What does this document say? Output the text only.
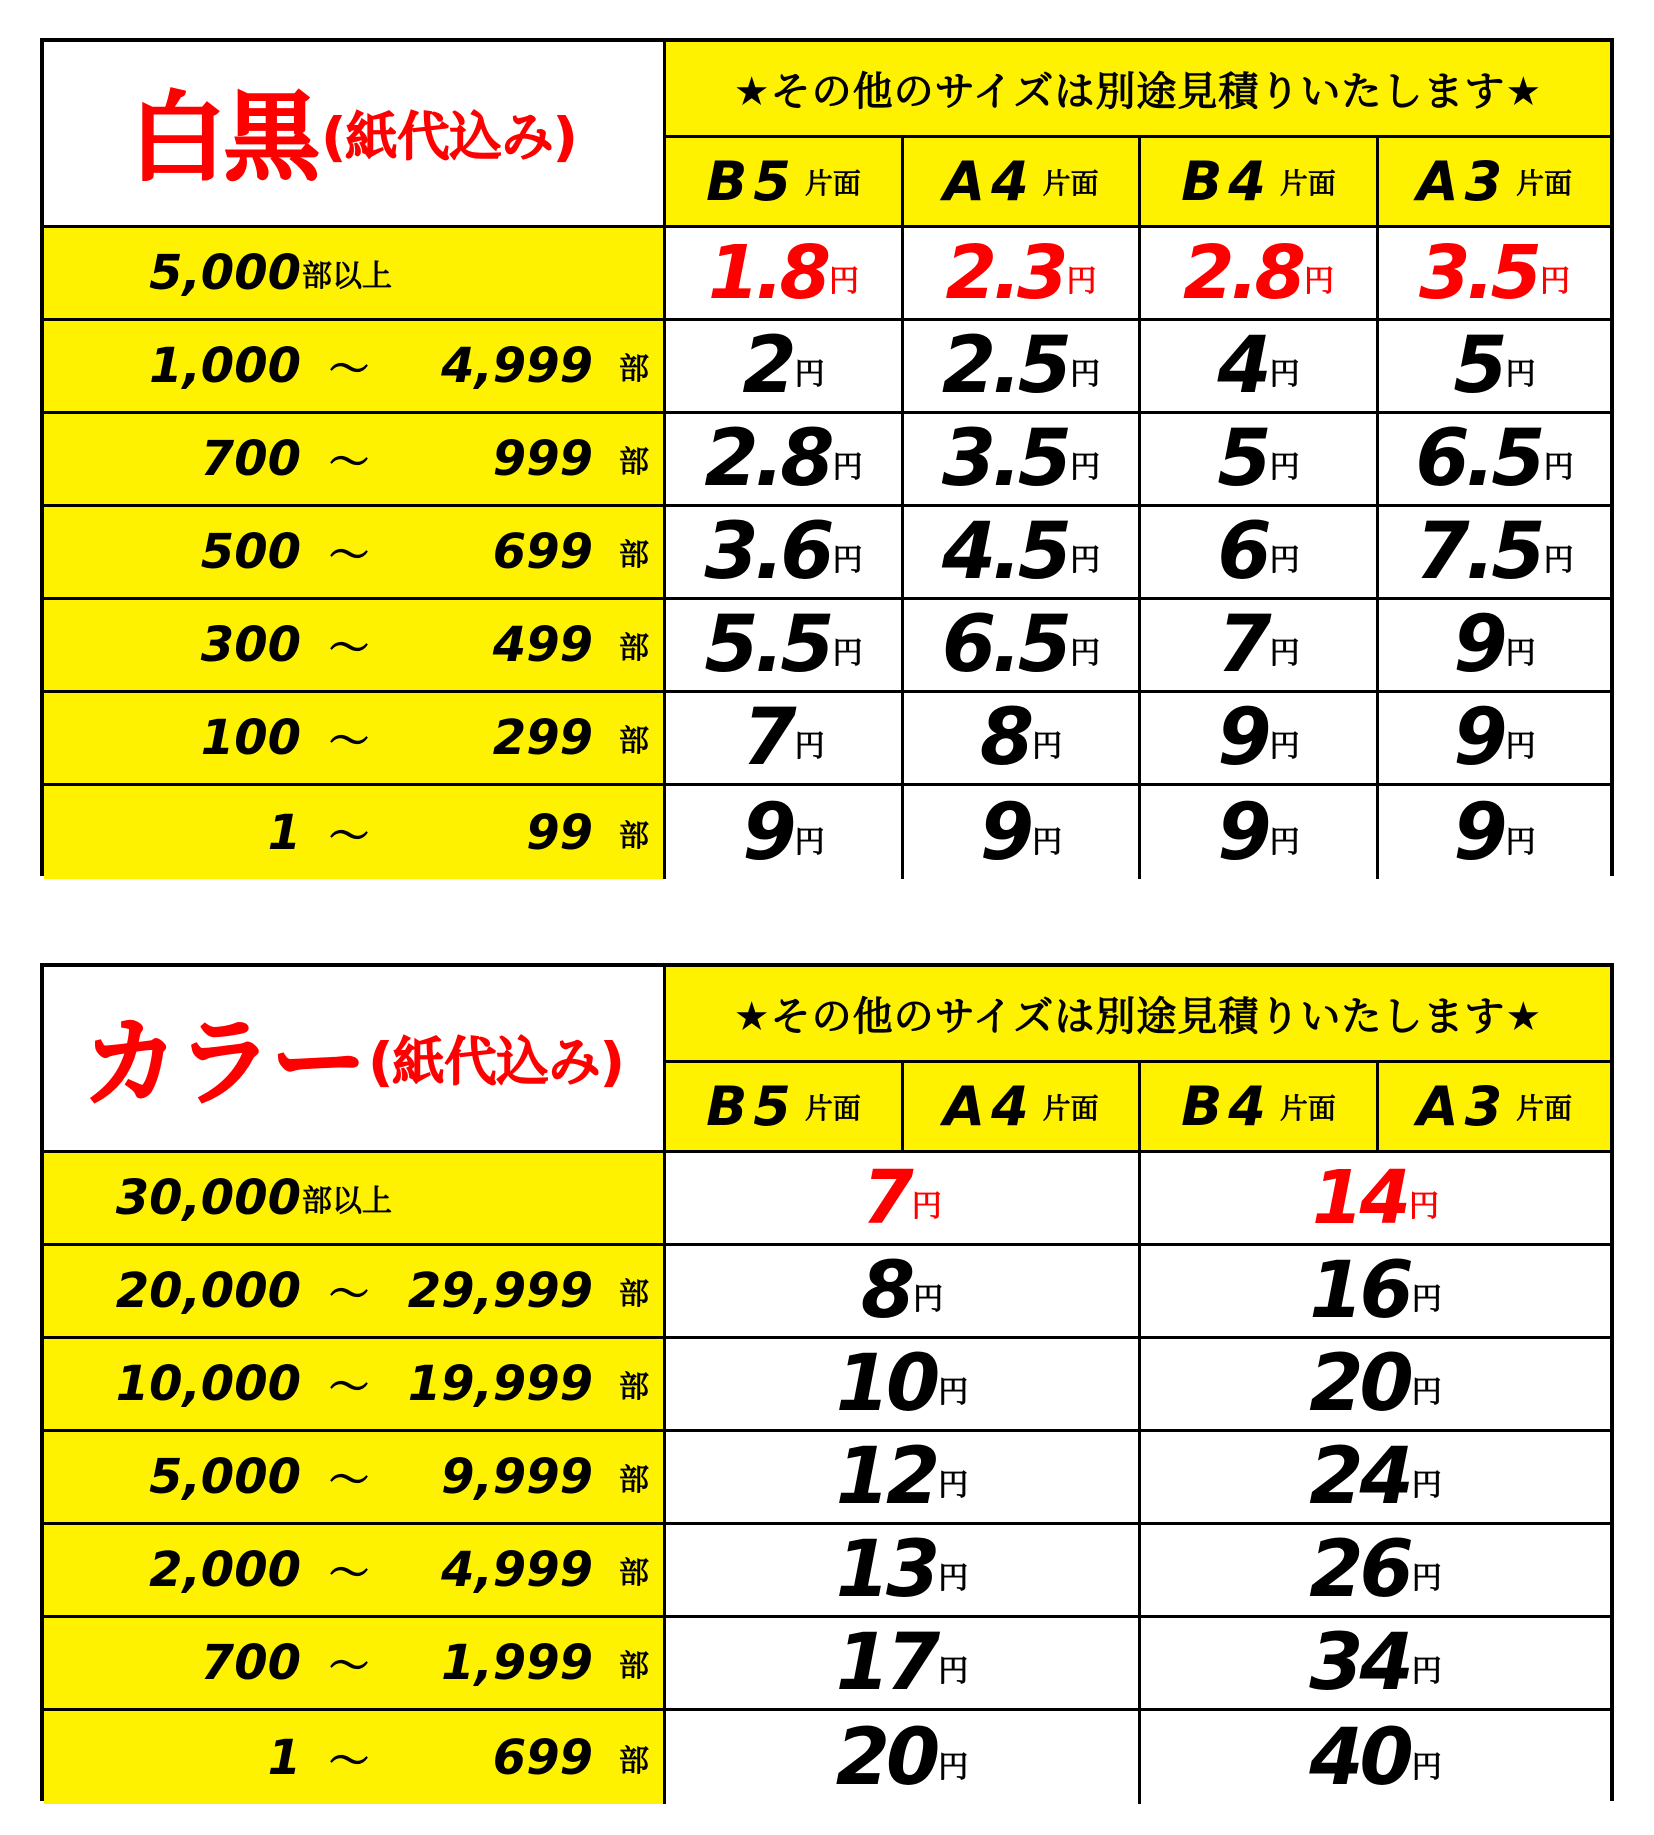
白黒 (紙代込み)
★その他のサイズは別途見積りいたします★
B5 片面 A4 片面 B4 片面 A3 片面
5,000 部以上	1.8 円 2.3 円 2.8 円 3.5 円
1,000 ～ 4,999 部 2 円 2.5 円 4 円 5 円
700 ～	999 部 2.8 円 3.5 円 5 円 6.5 円
500 ～	699 部 3.6 円 4.5 円 6 円 7.5 円
300 ～	499 部 5.5 円 6.5 円 7 円 9 円
100 ～	299 部 7 円 8 円 9 円 9 円
1 ～	99 部 9 円 9 円 9 円 9 円
カラー (紙代込み)
★その他のサイズは別途見積りいたします★
B5 片面 A4 片面 B4 片面 A3 片面
30,000 部以上	7 円	14 円
20,000 ～ 29,999 部	8 円	16 円
10,000 ～ 19,999 部 10 円	20 円
5,000 ～ 9,999 部 12 円	24 円
2,000 ～ 4,999 部 13 円	26 円
700 ～ 1,999 部 17 円	34 円
1 ～	699 部 20 円	40 円
